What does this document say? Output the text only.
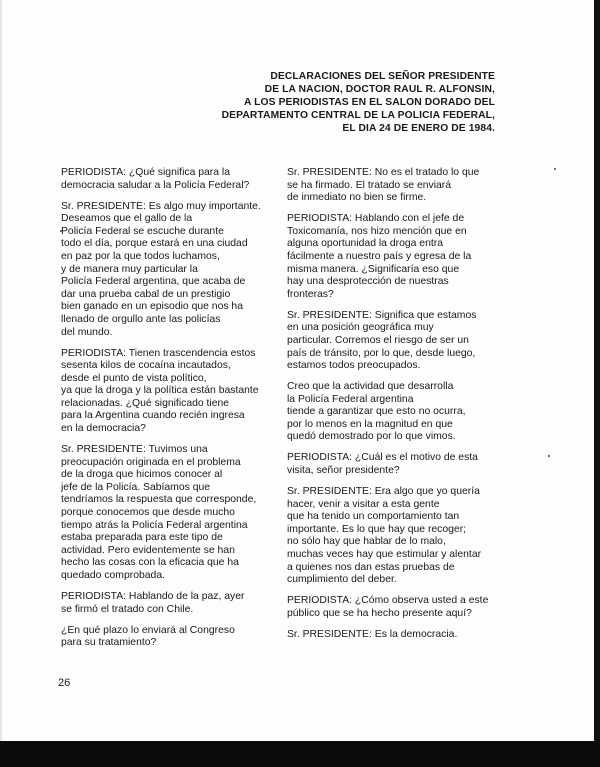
DECLARACIONES DEL SEÑOR PRESIDENTE
DE LA NACION, DOCTOR RAUL R. ALFONSIN,
A LOS PERIODISTAS EN EL SALON DORADO DEL
DEPARTAMENTO CENTRAL DE LA POLICIA FEDERAL,
EL DIA 24 DE ENERO DE 1984.
PERIODISTA: ¿Qué significa para la
democracia saludar a la Policía Federal?
Sr. PRESIDENTE: Es algo muy importante.
Deseamos que el gallo de la
Policía Federal se escuche durante
todo el día, porque estará en una ciudad
en paz por la que todos luchamos,
y de manera muy particular la
Policía Federal argentina, que acaba de
dar una prueba cabal de un prestigio
bien ganado en un episodio que nos ha
llenado de orgullo ante las policías
del mundo.
PERIODISTA: Tienen trascendencia estos
sesenta kilos de cocaína incautados,
desde el punto de vista político,
ya que la droga y la política están bastante
relacionadas. ¿Qué significado tiene
para la Argentina cuando recién ingresa
en la democracia?
Sr. PRESIDENTE: Tuvimos una
preocupación originada en el problema
de la droga que hicimos conocer al
jefe de la Policía. Sabíamos que
tendríamos la respuesta que corresponde,
porque conocemos que desde mucho
tiempo atrás la Policía Federal argentina
estaba preparada para este tipo de
actividad. Pero evidentemente se han
hecho las cosas con la eficacia que ha
quedado comprobada.
PERIODISTA: Hablando de la paz, ayer
se firmó el tratado con Chile.
¿En qué plazo lo enviará al Congreso
para su tratamiento?
Sr. PRESIDENTE: No es el tratado lo que
se ha firmado. El tratado se enviará
de inmediato no bien se firme.
PERIODISTA: Hablando con el jefe de
Toxicomanía, nos hizo mención que en
alguna oportunidad la droga entra
fácilmente a nuestro país y egresa de la
misma manera. ¿Significaría eso que
hay una desprotección de nuestras
fronteras?
Sr. PRESIDENTE: Significa que estamos
en una posición geográfica muy
particular. Corremos el riesgo de ser un
país de tránsito, por lo que, desde luego,
estamos todos preocupados.
Creo que la actividad que desarrolla
la Policía Federal argentina
tiende a garantizar que esto no ocurra,
por lo menos en la magnitud en que
quedó demostrado por lo que vimos.
PERIODISTA: ¿Cuál es el motivo de esta
visita, señor presidente?
Sr. PRESIDENTE: Era algo que yo quería
hacer, venir a visitar a esta gente
que ha tenido un comportamiento tan
importante. Es lo que hay que recoger;
no sólo hay que hablar de lo malo,
muchas veces hay que estimular y alentar
a quienes nos dan estas pruebas de
cumplimiento del deber.
PERIODISTA: ¿Cómo observa usted a este
público que se ha hecho presente aquí?
Sr. PRESIDENTE: Es la democracia.
26
